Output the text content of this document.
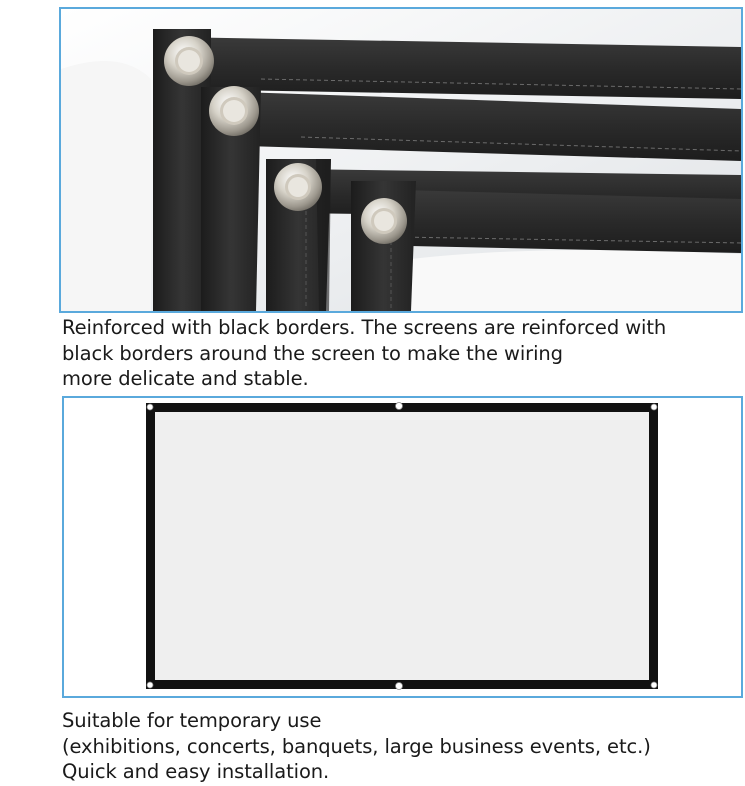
Reinforced with black borders. The screens are reinforced with
black borders around the screen to make the wiring
more delicate and stable.

Suitable for temporary use
(exhibitions, concerts, banquets, large business events, etc.)
Quick and easy installation.
